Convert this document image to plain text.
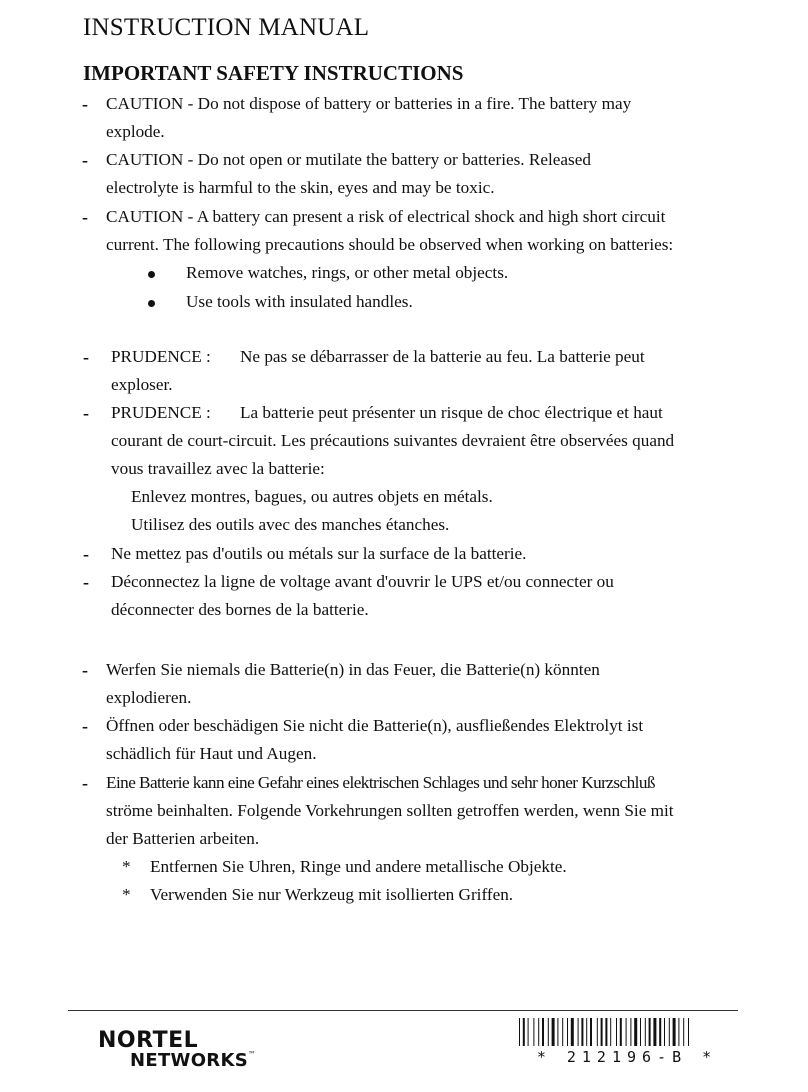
INSTRUCTION MANUAL
IMPORTANT SAFETY INSTRUCTIONS
- CAUTION - Do not dispose of battery or batteries in a fire. The battery may
explode.
- CAUTION - Do not open or mutilate the battery or batteries. Released
electrolyte is harmful to the skin, eyes and may be toxic.
- CAUTION - A battery can present a risk of electrical shock and high short circuit
current. The following precautions should be observed when working on batteries:
Remove watches, rings, or other metal objects.
Use tools with insulated handles.
- PRUDENCE : Ne pas se débarrasser de la batterie au feu. La batterie peut
exploser.
- PRUDENCE : La batterie peut présenter un risque de choc électrique et haut
courant de court-circuit. Les précautions suivantes devraient être observées quand
vous travaillez avec la batterie:
Enlevez montres, bagues, ou autres objets en métals.
Utilisez des outils avec des manches étanches.
- Ne mettez pas d'outils ou métals sur la surface de la batterie.
- Déconnectez la ligne de voltage avant d'ouvrir le UPS et/ou connecter ou
déconnecter des bornes de la batterie.
- Werfen Sie niemals die Batterie(n) in das Feuer, die Batterie(n) könnten
explodieren.
- Öffnen oder beschädigen Sie nicht die Batterie(n), ausfließendes Elektrolyt ist
schädlich für Haut und Augen.
- Eine Batterie kann eine Gefahr eines elektrischen Schlages und sehr honer Kurzschluß
ströme beinhalten. Folgende Vorkehrungen sollten getroffen werden, wenn Sie mit
der Batterien arbeiten.
* Entfernen Sie Uhren, Ringe und andere metallische Objekte.
* Verwenden Sie nur Werkzeug mit isollierten Griffen.
NORTEL
NETWORKS™	* 212196-B *
